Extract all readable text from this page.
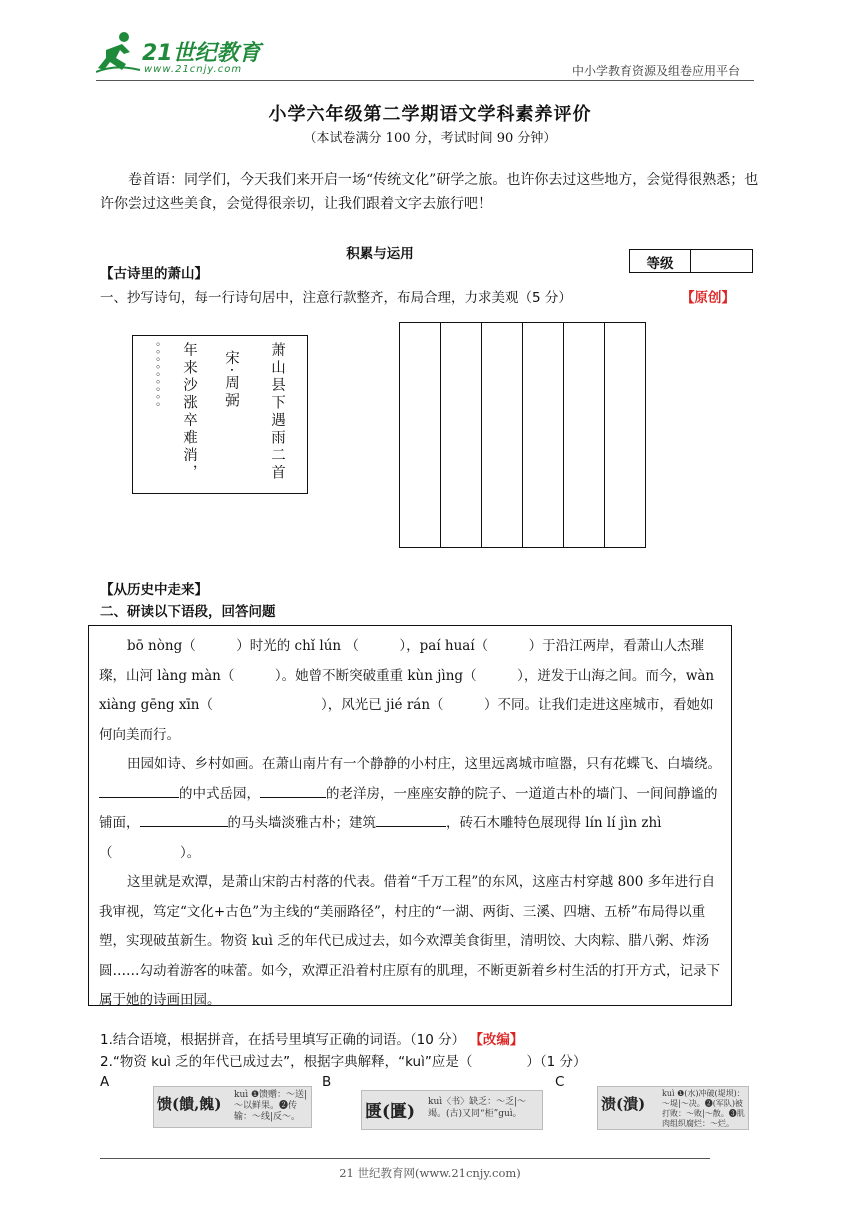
21世纪教育
www.21cnjy.com	中小学教育资源及组卷应用平台
小学六年级第二学期语文学科素养评价
（本试卷满分 100 分，考试时间 90 分钟）
卷首语：同学们，今天我们来开启一场“传统文化”研学之旅。也许你去过这些地方，会觉得很熟悉；也许你尝过这些美食，会觉得很亲切，让我们跟着文字去旅行吧！
积累与运用
等级
【古诗里的萧山】
一、抄写诗句，每一行诗句居中，注意行款整齐，布局合理，力求美观（5 分）	【原创】
萧山县下遇雨二首
宋·周弼
年来沙涨卒难消，
。。。。。。。。。
【从历史中走来】
二、研读以下语段，回答问题

bō nòng（　　　）时光的 chǐ lún （　　　），paí huaí（　　　）于沿江两岸，看萧山人杰璀璨，山河 làng màn（　　　）。她曾不断突破重重 kùn jìng（　　　），迸发于山海之间。而今，wàn xiàng gēng xīn（　　　　　　　　），风光已 jié rán（　　　）不同。让我们走进这座城市，看她如何向美而行。

田园如诗、乡村如画。在萧山南片有一个静静的小村庄，这里远离城市喧嚣，只有花蝶飞、白墙绕。的中式岳园，	的老洋房，一座座安静的院子、一道道古朴的墙门、一间间静谧的铺面，	的马头墙淡雅古朴；建筑	，砖石木雕特色展现得 lín lí jìn zhì （　　　　　）。

这里就是欢潭，是萧山宋韵古村落的代表。借着“千万工程”的东风，这座古村穿越 800 多年进行自我审视，笃定“文化+古色”为主线的“美丽路径”，村庄的“一湖、两街、三溪、四塘、五桥”布局得以重塑，实现破茧新生。物资 kuì 乏的年代已成过去，如今欢潭美食街里，清明饺、大肉粽、腊八粥、炸汤圆……勾动着游客的味蕾。如今，欢潭正沿着村庄原有的肌理，不断更新着乡村生活的打开方式，记录下属于她的诗画田园。

1.结合语境，根据拼音，在括号里填写正确的词语。（10 分） 【改编】
2.“物资 kuì 乏的年代已成过去”，根据字典解释，“kuì”应是（　　　　）（1 分）
A	B	C
馈(饋,餽) kuì ❶馈赠：～送|～以鲜果。❷传输：～线|反～。	匮(匱) kuì〈书〉缺乏：～乏|～竭。(古)又同“柜”guì。
溃(潰)
kuì ❶(水)冲破(堤坝)：～堤|～决。❷(军队)被打败：～败|～散。❸肌肉组织腐烂：～烂。
21 世纪教育网(www.21cnjy.com)
